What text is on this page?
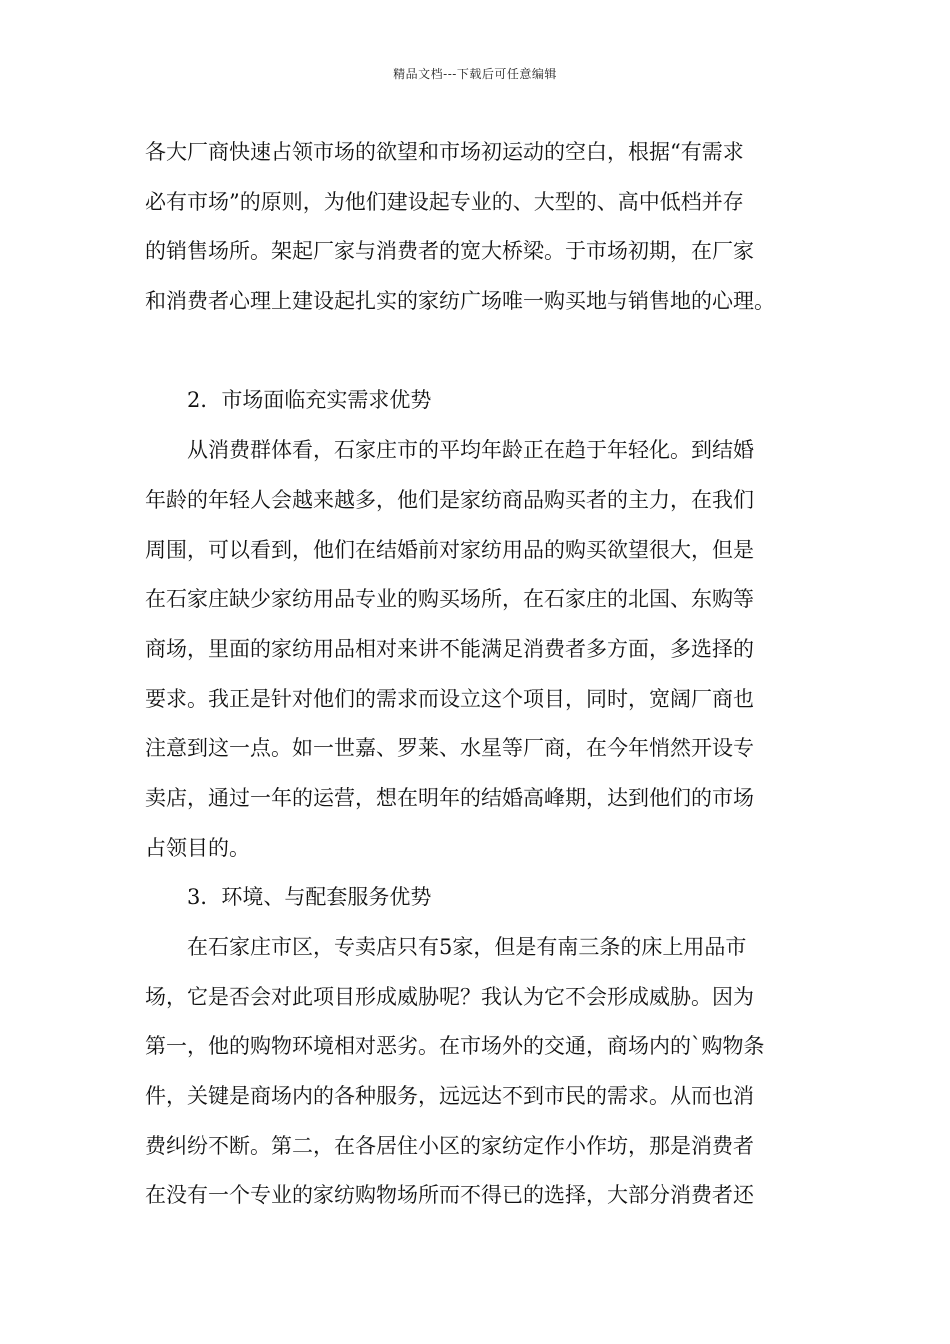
精品文档---下载后可任意编辑
各大厂商快速占领市场的欲望和市场初运动的空白，根据“有需求
必有市场”的原则，为他们建设起专业的、大型的、高中低档并存
的销售场所。架起厂家与消费者的宽大桥梁。于市场初期，在厂家
和消费者心理上建设起扎实的家纺广场唯一购买地与销售地的心理。
2．市场面临充实需求优势
从消费群体看，石家庄市的平均年龄正在趋于年轻化。到结婚
年龄的年轻人会越来越多，他们是家纺商品购买者的主力，在我们
周围，可以看到，他们在结婚前对家纺用品的购买欲望很大，但是
在石家庄缺少家纺用品专业的购买场所，在石家庄的北国、东购等
商场，里面的家纺用品相对来讲不能满足消费者多方面，多选择的
要求。我正是针对他们的需求而设立这个项目，同时，宽阔厂商也
注意到这一点。如一世嘉、罗莱、水星等厂商，在今年悄然开设专
卖店，通过一年的运营，想在明年的结婚高峰期，达到他们的市场
占领目的。
3．环境、与配套服务优势
在石家庄市区，专卖店只有5家，但是有南三条的床上用品市
场，它是否会对此项目形成威胁呢？我认为它不会形成威胁。因为
第一，他的购物环境相对恶劣。在市场外的交通，商场内的`购物条
件，关键是商场内的各种服务，远远达不到市民的需求。从而也消
费纠纷不断。第二，在各居住小区的家纺定作小作坊，那是消费者
在没有一个专业的家纺购物场所而不得已的选择，大部分消费者还
